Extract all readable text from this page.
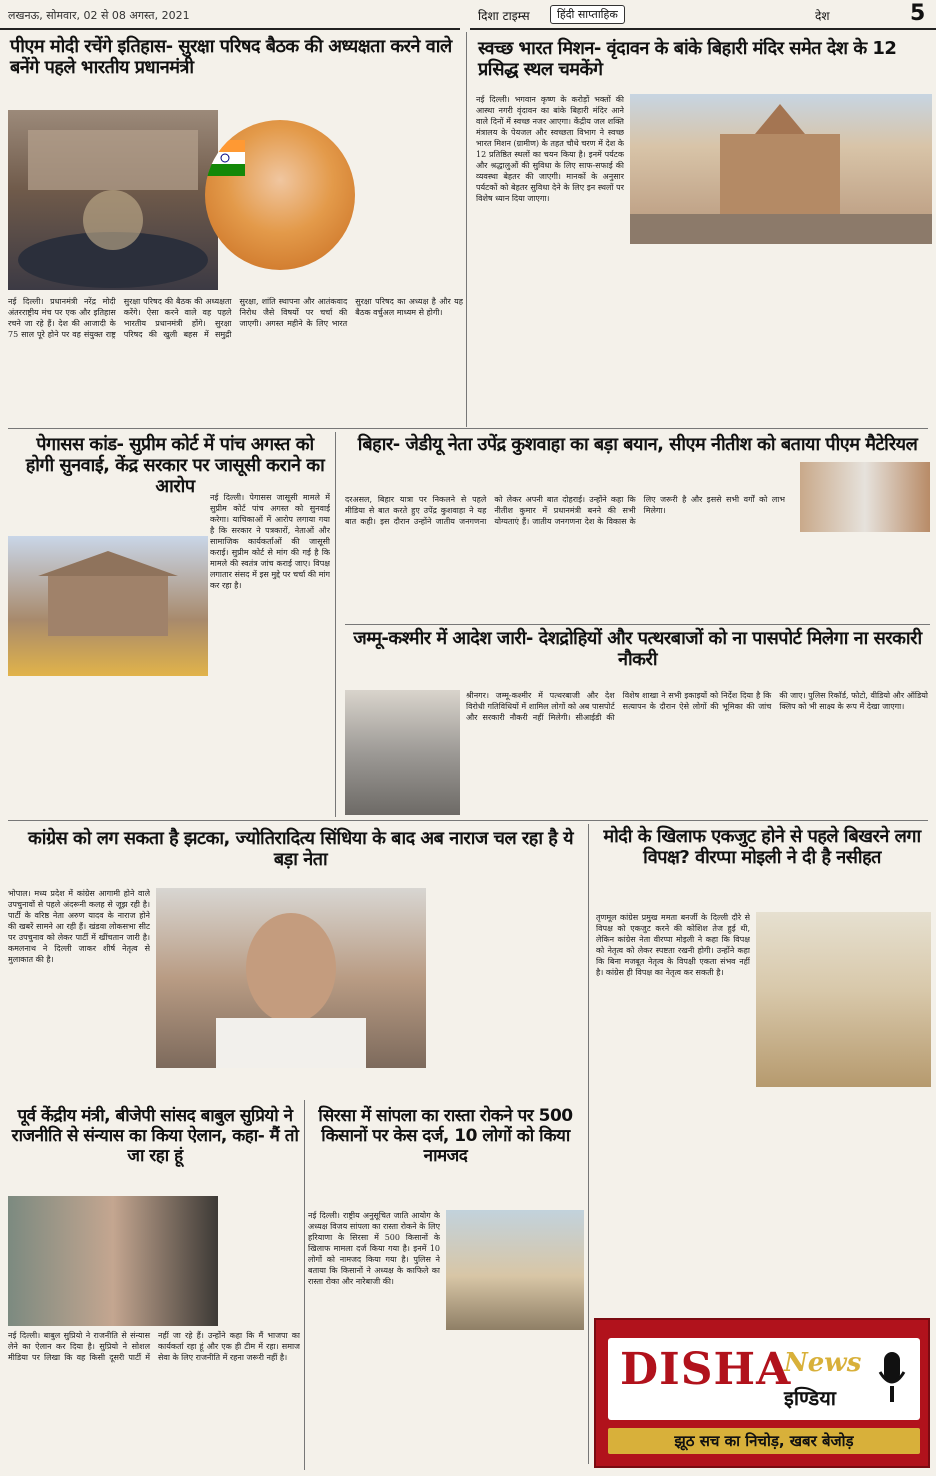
लखनऊ, सोमवार, 02 से 08 अगस्त, 2021	दिशा टाइम्स	हिंदी साप्ताहिक	देश	5
पीएम मोदी रचेंगे इतिहास- सुरक्षा परिषद बैठक की अध्यक्षता करने वाले बनेंगे पहले भारतीय प्रधानमंत्री
नई दिल्ली। प्रधानमंत्री नरेंद्र मोदी अंतरराष्ट्रीय मंच पर एक और इतिहास रचने जा रहे हैं। देश की आजादी के 75 साल पूरे होने पर वह संयुक्त राष्ट्र सुरक्षा परिषद की बैठक की अध्यक्षता करेंगे। ऐसा करने वाले वह पहले भारतीय प्रधानमंत्री होंगे। सुरक्षा परिषद की खुली बहस में समुद्री सुरक्षा, शांति स्थापना और आतंकवाद निरोध जैसे विषयों पर चर्चा की जाएगी। अगस्त महीने के लिए भारत सुरक्षा परिषद का अध्यक्ष है और यह बैठक वर्चुअल माध्यम से होगी।
स्वच्छ भारत मिशन- वृंदावन के बांके बिहारी मंदिर समेत देश के 12 प्रसिद्ध स्थल चमकेंगे
नई दिल्ली। भगवान कृष्ण के करोड़ों भक्तों की आस्था नगरी वृंदावन का बांके बिहारी मंदिर आने वाले दिनों में स्वच्छ नजर आएगा। केंद्रीय जल शक्ति मंत्रालय के पेयजल और स्वच्छता विभाग ने स्वच्छ भारत मिशन (ग्रामीण) के तहत चौथे चरण में देश के 12 प्रतिष्ठित स्थलों का चयन किया है। इनमें पर्यटक और श्रद्धालुओं की सुविधा के लिए साफ-सफाई की व्यवस्था बेहतर की जाएगी। मानकों के अनुसार पर्यटकों को बेहतर सुविधा देने के लिए इन स्थलों पर विशेष ध्यान दिया जाएगा।
पेगासस कांड- सुप्रीम कोर्ट में पांच अगस्त को होगी सुनवाई, केंद्र सरकार पर जासूसी कराने का आरोप
नई दिल्ली। पेगासस जासूसी मामले में सुप्रीम कोर्ट पांच अगस्त को सुनवाई करेगा। याचिकाओं में आरोप लगाया गया है कि सरकार ने पत्रकारों, नेताओं और सामाजिक कार्यकर्ताओं की जासूसी कराई। सुप्रीम कोर्ट से मांग की गई है कि मामले की स्वतंत्र जांच कराई जाए। विपक्ष लगातार संसद में इस मुद्दे पर चर्चा की मांग कर रहा है।
बिहार- जेडीयू नेता उपेंद्र कुशवाहा का बड़ा बयान, सीएम नीतीश को बताया पीएम मैटेरियल
दरअसल, बिहार यात्रा पर निकलने से पहले मीडिया से बात करते हुए उपेंद्र कुशवाहा ने यह बात कही। इस दौरान उन्होंने जातीय जनगणना को लेकर अपनी बात दोहराई। उन्होंने कहा कि नीतीश कुमार में प्रधानमंत्री बनने की सभी योग्यताएं हैं। जातीय जनगणना देश के विकास के लिए जरूरी है और इससे सभी वर्गों को लाभ मिलेगा।
जम्मू-कश्मीर में आदेश जारी- देशद्रोहियों और पत्थरबाजों को ना पासपोर्ट मिलेगा ना सरकारी नौकरी
श्रीनगर। जम्मू-कश्मीर में पत्थरबाजी और देश विरोधी गतिविधियों में शामिल लोगों को अब पासपोर्ट और सरकारी नौकरी नहीं मिलेगी। सीआईडी की विशेष शाखा ने सभी इकाइयों को निर्देश दिया है कि सत्यापन के दौरान ऐसे लोगों की भूमिका की जांच की जाए। पुलिस रिकॉर्ड, फोटो, वीडियो और ऑडियो क्लिप को भी साक्ष्य के रूप में देखा जाएगा।
कांग्रेस को लग सकता है झटका, ज्योतिरादित्य सिंधिया के बाद अब नाराज चल रहा है ये बड़ा नेता
भोपाल। मध्य प्रदेश में कांग्रेस आगामी होने वाले उपचुनावों से पहले अंदरूनी कलह से जूझ रही है। पार्टी के वरिष्ठ नेता अरुण यादव के नाराज होने की खबरें सामने आ रही हैं। खंडवा लोकसभा सीट पर उपचुनाव को लेकर पार्टी में खींचतान जारी है। कमलनाथ ने दिल्ली जाकर शीर्ष नेतृत्व से मुलाकात की है।
मोदी के खिलाफ एकजुट होने से पहले बिखरने लगा विपक्ष? वीरप्पा मोइली ने दी है नसीहत
तृणमूल कांग्रेस प्रमुख ममता बनर्जी के दिल्ली दौरे से विपक्ष को एकजुट करने की कोशिश तेज हुई थी, लेकिन कांग्रेस नेता वीरप्पा मोइली ने कहा कि विपक्ष को नेतृत्व को लेकर स्पष्टता रखनी होगी। उन्होंने कहा कि बिना मजबूत नेतृत्व के विपक्षी एकता संभव नहीं है। कांग्रेस ही विपक्ष का नेतृत्व कर सकती है।
पूर्व केंद्रीय मंत्री, बीजेपी सांसद बाबुल सुप्रियो ने राजनीति से संन्यास का किया ऐलान, कहा- मैं तो जा रहा हूं
नई दिल्ली। बाबुल सुप्रियो ने राजनीति से संन्यास लेने का ऐलान कर दिया है। सुप्रियो ने सोशल मीडिया पर लिखा कि वह किसी दूसरी पार्टी में नहीं जा रहे हैं। उन्होंने कहा कि मैं भाजपा का कार्यकर्ता रहा हूं और एक ही टीम में रहा। समाज सेवा के लिए राजनीति में रहना जरूरी नहीं है।
सिरसा में सांपला का रास्ता रोकने पर 500 किसानों पर केस दर्ज, 10 लोगों को किया नामजद
नई दिल्ली। राष्ट्रीय अनुसूचित जाति आयोग के अध्यक्ष विजय सांपला का रास्ता रोकने के लिए हरियाणा के सिरसा में 500 किसानों के खिलाफ मामला दर्ज किया गया है। इनमें 10 लोगों को नामजद किया गया है। पुलिस ने बताया कि किसानों ने अध्यक्ष के काफिले का रास्ता रोका और नारेबाजी की।
DISHA
News
इण्डिया
झूठ सच का निचोड़, खबर बेजोड़
